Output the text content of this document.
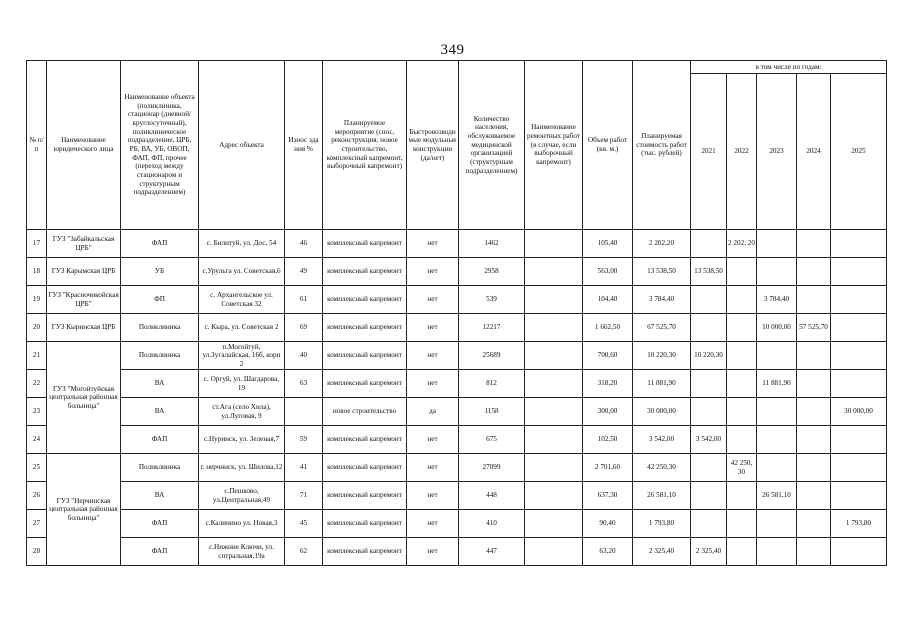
349
№ п/п	Наименование юридического лица	Наименование объекта (поликлиника, стационар (дневной/круглосуточный), поликлиническое подразделение, ЦРБ, РБ, ВА, УБ, ОВОП, ФАП, ФП, прочее (переход между стационаром и структурным подразделением)	Адрес объекта	Износ зда ния %	Планируемое мероприятие (снос, реконструкция, новое строительство, комплексный капремонт, выборочный капремонт)	Быстровозводимые модульные конструкции (да/нет)	Количество населения, обслуживаемое медицинской организацией (структурным подразделением)	Наименование ремонтных работ (в случае, если выборочный капремонт)	Объем работ (кв. м.)	Планируемая стоимость работ (тыс. рублей)	в том числе по годам:				
											2021	2022	2023	2024	2025
17	ГУЗ "Забайкальская ЦРБ"	ФАП	с. Билитуй, ул. Дос, 54	46	комплексный капремонт	нет	1462		105,40	2 202,20		2 202, 20			
18	ГУЗ Карымская ЦРБ	УБ	с.Урульга ул. Советская,6	49	комплексный капремонт	нет	2958		563,00	13 538,50	13 538,50				
19	ГУЗ "Красночикойская ЦРБ"	ФП	с. Архангельское ул. Советская 32	61	комплексный капремонт	нет	539		104,40	3 784,40			3 784,40		
20	ГУЗ Кыринская ЦРБ	Поликлиника	с. Кыра, ул. Советская 2	69	комплексный капремонт	нет	12217		1 662,50	67 525,70			10 000,00	57 525,70	
21	ГУЗ "Могойтуйская центральная районная больница"	Поликлиника	п.Могойтуй, ул.Зугалайская, 16б, корп 2	40	комплексный капремонт	нет	25689		700,60	10 220,30	10 220,30				
22		ВА	с. Оргуй, ул. Шагдарова, 19	63	комплексный капремонт	нет	812		318,20	11 881,90			11 881,90		
23		ВА	ст.Ага (село Хила), ул.Луговая, 9		новое строительство	да	1158		300,00	30 000,00					30 000,00
24		ФАП	с.Нуринск, ул. Зеленая,7	59	комплексный капремонт	нет	675		102,50	3 542,00	3 542,00				
25	ГУЗ "Нерчинская центральная районная больница"	Поликлиника	г. нерчинск, ул. Шилова,12	41	комплексный капремонт	нет	27099		2 701,60	42 250,30		42 250, 30			
26		ВА	с.Пешково, ул.Центральная,49	71	комплексный капремонт	нет	448		637,30	26 581,10			26 581,10		
27		ФАП	с.Калинино ул. Новая,3	45	комплексный капремонт	нет	410		90,40	1 793,80					1 793,80
28		ФАП	с.Нижние Ключи, ул. сптральная,19а	62	комплексный капремонт	нет	447		63,20	2 325,40	2 325,40				
